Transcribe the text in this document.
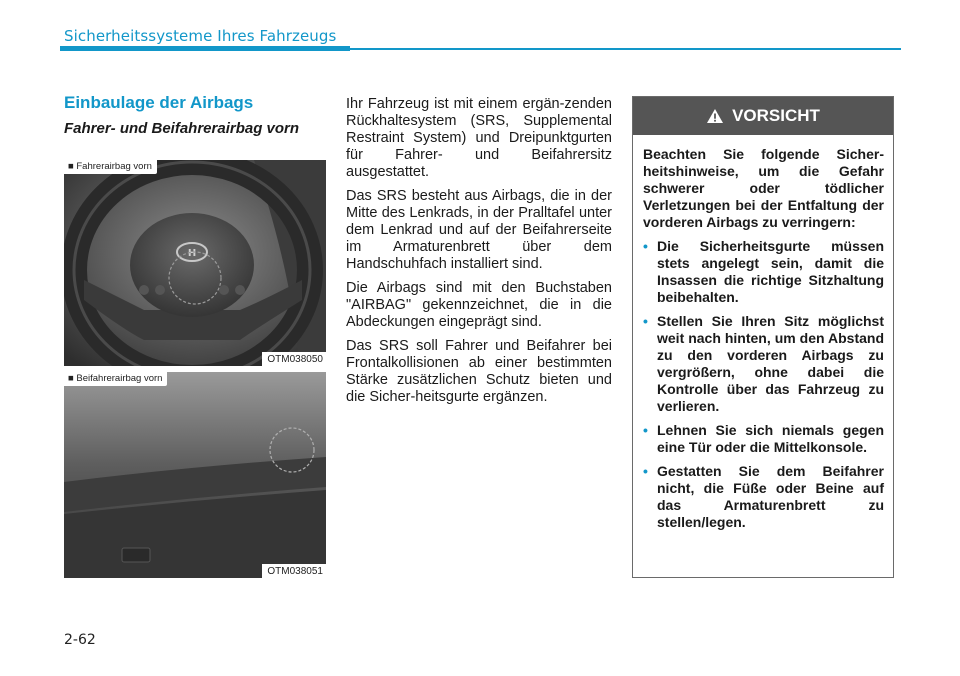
Sicherheitssysteme Ihres Fahrzeugs
Einbaulage der Airbags
Fahrer- und Beifahrerairbag vorn
H
■ Fahrerairbag vorn
OTM038050
■ Beifahrerairbag vorn
OTM038051

Ihr Fahrzeug ist mit einem ergän-zenden Rückhaltesystem (SRS, Supplemental Restraint System) und Dreipunktgurten für Fahrer- und Beifahrersitz ausgestattet.

Das SRS besteht aus Airbags, die in der Mitte des Lenkrads, in der Pralltafel unter dem Lenkrad und auf der Beifahrerseite im Armaturenbrett über dem Handschuhfach installiert sind.

Die Airbags sind mit den Buchstaben "AIRBAG" gekennzeichnet, die in die Abdeckungen eingeprägt sind.

Das SRS soll Fahrer und Beifahrer bei Frontalkollisionen ab einer bestimmten Stärke zusätzlichen Schutz bieten und die Sicher-heitsgurte ergänzen.

VORSICHT

Beachten Sie folgende Sicher-heitshinweise, um die Gefahr schwerer oder tödlicher Verletzungen bei der Entfaltung der vorderen Airbags zu verringern:

• Die Sicherheitsgurte müssen stets angelegt sein, damit die Insassen die richtige Sitzhaltung beibehalten.
• Stellen Sie Ihren Sitz möglichst weit nach hinten, um den Abstand zu den vorderen Airbags zu vergrößern, ohne dabei die Kontrolle über das Fahrzeug zu verlieren.
• Lehnen Sie sich niemals gegen eine Tür oder die Mittelkonsole.
• Gestatten Sie dem Beifahrer nicht, die Füße oder Beine auf das Armaturenbrett zu stellen/legen.
2-62
